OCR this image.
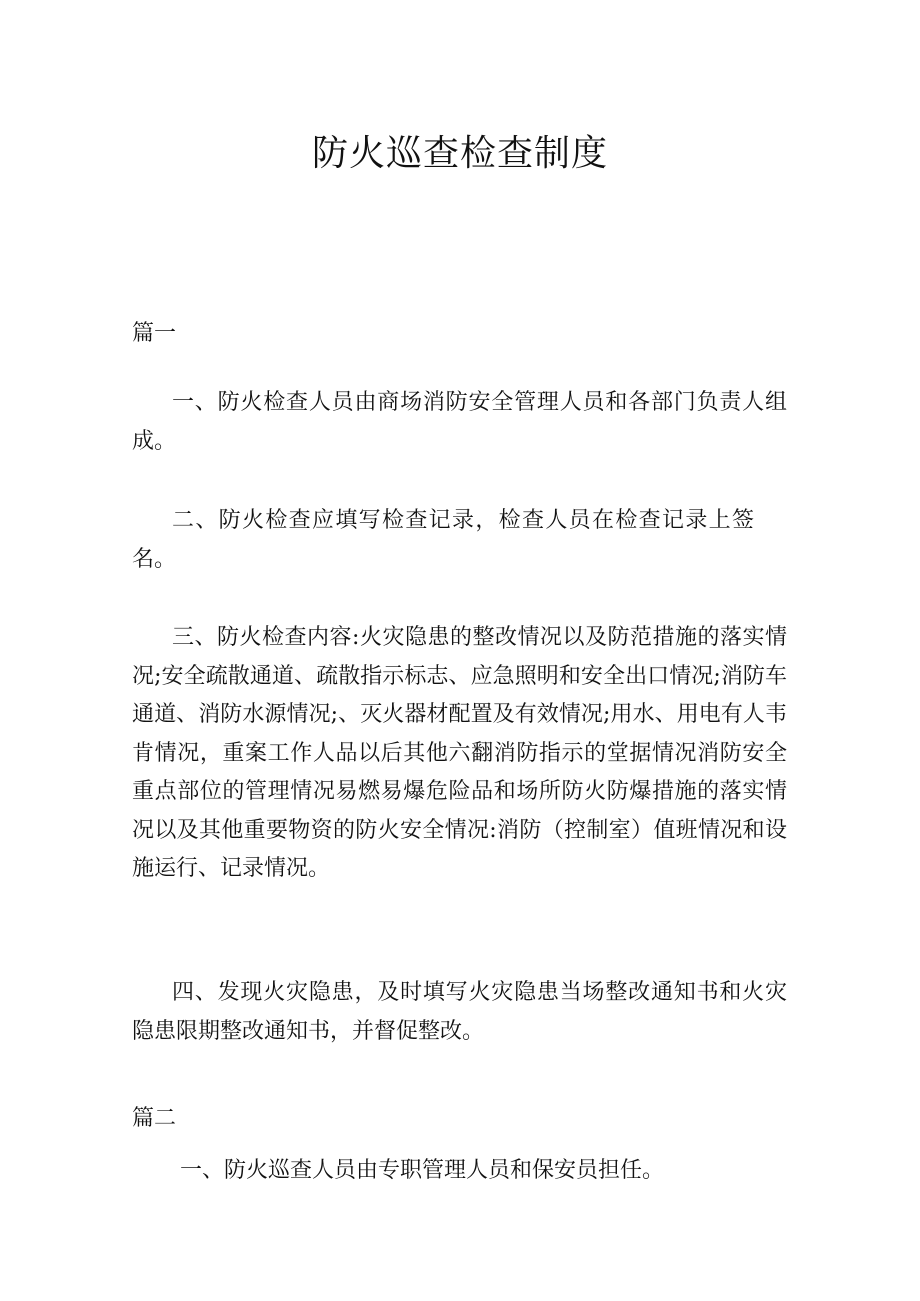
防火巡查检查制度
篇一

一、防火检查人员由商场消防安全管理人员和各部门负责人组成。

二、防火检查应填写检查记录，检查人员在检查记录上签名。

三、防火检查内容:火灾隐患的整改情况以及防范措施的落实情况;安全疏散通道、疏散指示标志、应急照明和安全出口情况;消防车通道、消防水源情况;、灭火器材配置及有效情况;用水、用电有人韦肯情况，重案工作人品以后其他六翻消防指示的堂据情况消防安全重点部位的管理情况易燃易爆危险品和场所防火防爆措施的落实情况以及其他重要物资的防火安全情况:消防（控制室）值班情况和设施运行、记录情况。

四、发现火灾隐患，及时填写火灾隐患当场整改通知书和火灾隐患限期整改通知书，并督促整改。

篇二

一、防火巡查人员由专职管理人员和保安员担任。
